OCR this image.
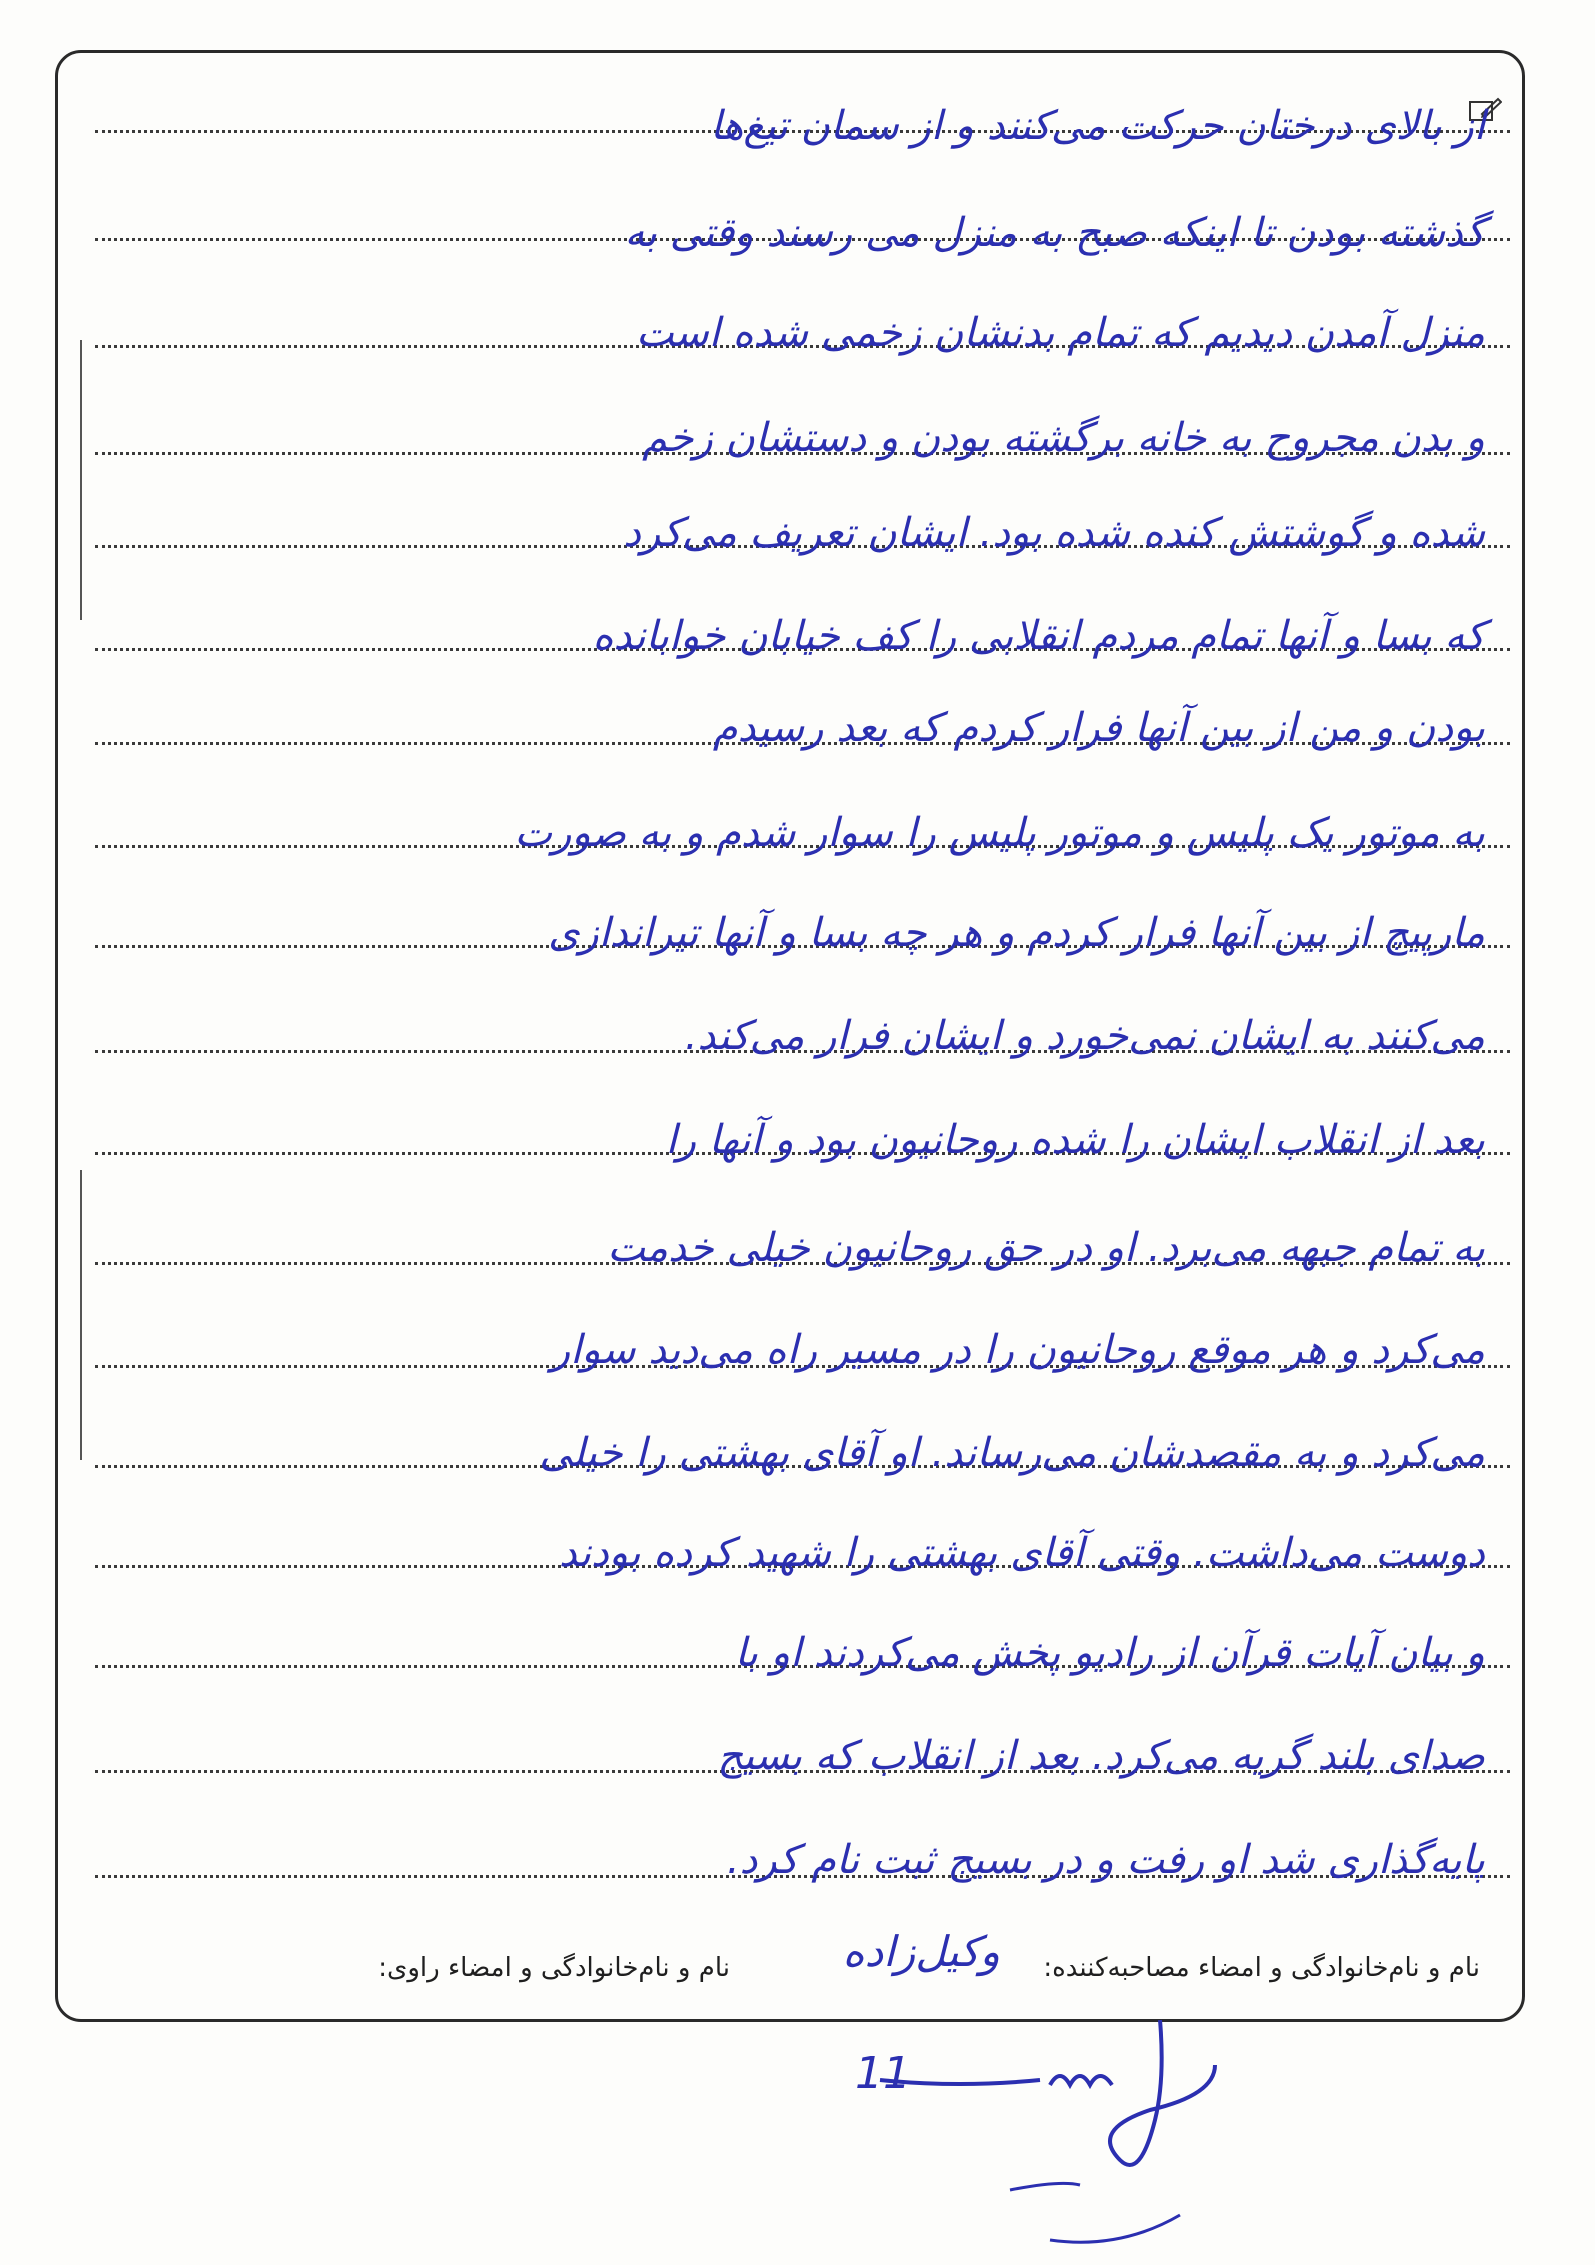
از بالای درختان حرکت می‌کنند و از سمان تیغ‌ها
گذشته بودن تا اینکه صبح به منزل می رسند وقتی به
منزل آمدن دیدیم که تمام بدنشان زخمی شده است
و بدن مجروح به خانه برگشته بودن و دستشان زخم
شده و گوشتش کنده شده بود. ایشان تعریف می‌کرد
که بسا و آنها تمام مردم انقلابی را کف خیابان خوابانده
بودن و من از بین آنها فرار کردم که بعد رسیدم
به موتور یک پلیس و موتور پلیس را سوار شدم و به صورت
مارپیچ از بین آنها فرار کردم و هر چه بسا و آنها تیراندازی
می‌کنند به ایشان نمی‌خورد و ایشان فرار می‌کند.
بعد از انقلاب ایشان را شده روحانیون بود و آنها را
به تمام جبهه می‌برد. او در حق روحانیون خیلی خدمت
می‌کرد و هر موقع روحانیون را در مسیر راه می‌دید سوار
می‌کرد و به مقصدشان می‌رساند. او آقای بهشتی را خیلی
دوست می‌داشت. وقتی آقای بهشتی را شهید کرده بودند
و بیان آیات قرآن از رادیو پخش می‌کردند او با
صدای بلند گریه می‌کرد. بعد از انقلاب که بسیج
پایه‌گذاری شد او رفت و در بسیج ثبت نام کرد.
نام و نام‌خانوادگی و امضاء مصاحبه‌کننده:
وکیل‌زاده
نام و نام‌خانوادگی و امضاء راوی:
11
